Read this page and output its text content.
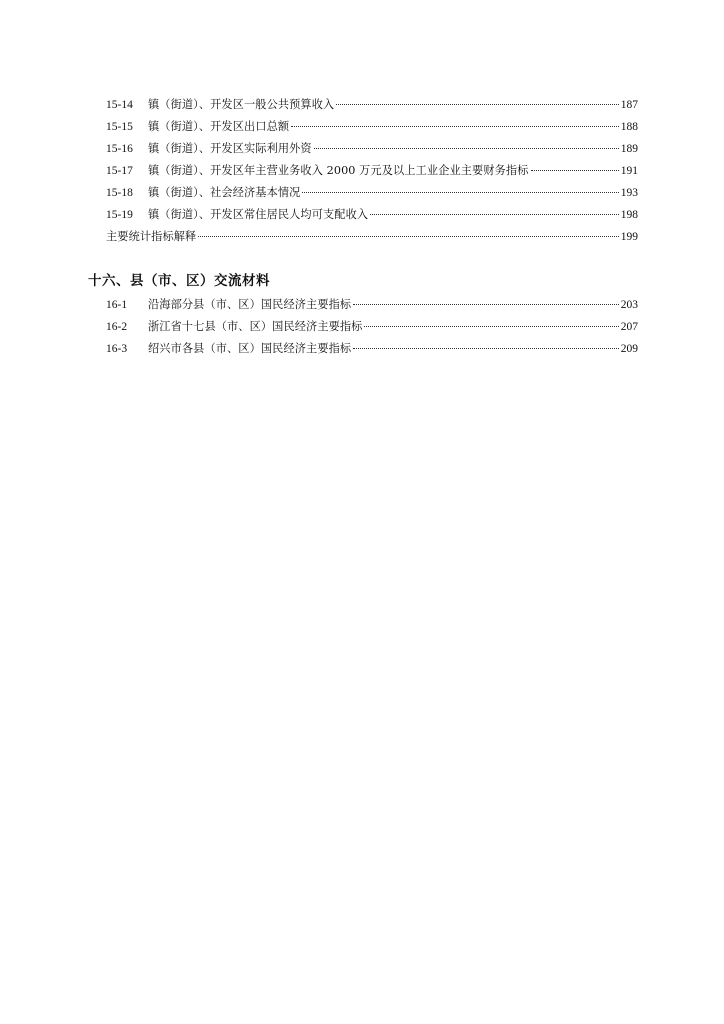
15-14	镇（街道）、开发区一般公共预算收入	187
15-15	镇（街道）、开发区出口总额	188
15-16	镇（街道）、开发区实际利用外资	189
15-17	镇（街道）、开发区年主营业务收入 2000 万元及以上工业企业主要财务指标	191
15-18	镇（街道）、社会经济基本情况	193
15-19	镇（街道）、开发区常住居民人均可支配收入	198
主要统计指标解释	199
十六、县（市、区）交流材料
16-1	沿海部分县（市、区）国民经济主要指标	203
16-2	浙江省十七县（市、区）国民经济主要指标	207
16-3	绍兴市各县（市、区）国民经济主要指标	209
